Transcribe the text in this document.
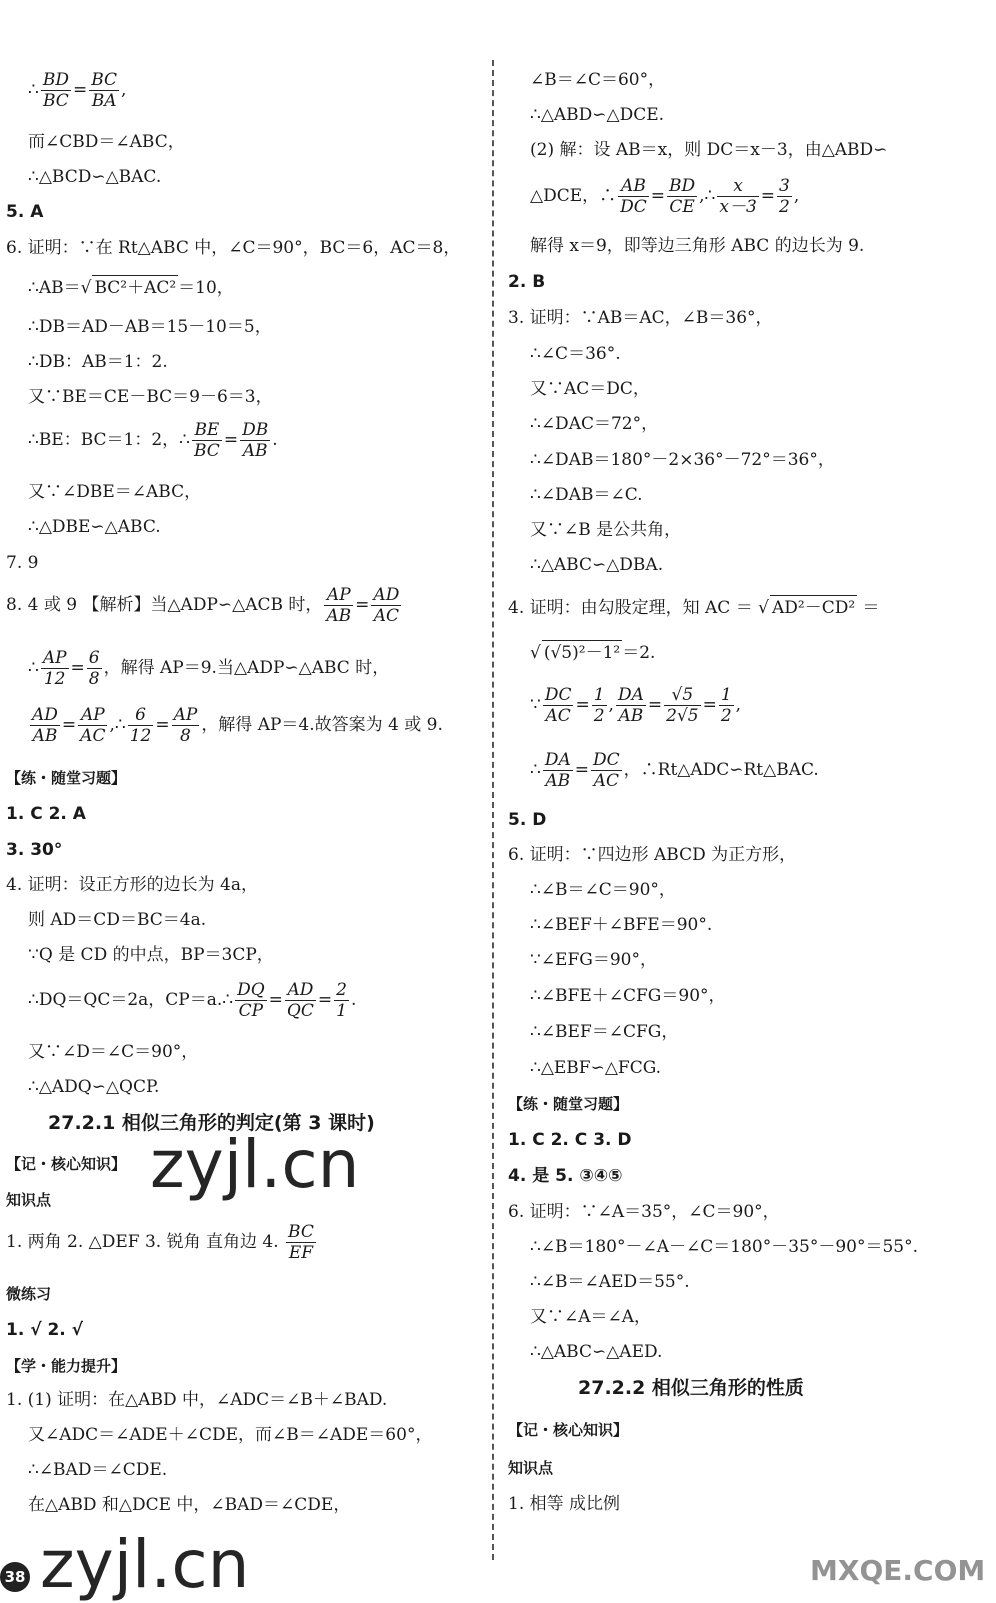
∴ $\frac{BD}{BC} = \frac{BC}{BA}$ ,
而∠CBD＝∠ABC，
∴△BCD∽△BAC.
5. A
6. 证明：∵在 Rt△ABC 中，∠C＝90°，BC＝6，AC＝8，
∴AB＝√ BC²＋AC² ＝10，
∴DB＝AD－AB＝15－10＝5，
∴DB：AB＝1：2.
又∵BE＝CE－BC＝9－6＝3，
∴BE：BC＝1：2，∴ $\frac{BE}{BC} = \frac{DB}{AB}$ .
又∵∠DBE＝∠ABC，
∴△DBE∽△ABC.
7. 9
8. 4 或 9 【解析】当△ADP∽△ACB 时， $\frac{AP}{AB} = \frac{AD}{AC}$
∴ $\frac{AP}{12} = \frac{6}{8}$ ，解得 AP＝9.当△ADP∽△ABC 时，
$\frac{AD}{AB} = \frac{AP}{AC}$ ,∴ $\frac{6}{12} = \frac{AP}{8}$ ，解得 AP＝4.故答案为 4 或 9.
【练・随堂习题】
1. C 2. A
3. 30°
4. 证明：设正方形的边长为 4a，
则 AD＝CD＝BC＝4a.
∵Q 是 CD 的中点，BP＝3CP，
∴DQ＝QC＝2a，CP＝a.∴ $\frac{DQ}{CP} = \frac{AD}{QC} = \frac{2}{1}$ .
又∵∠D＝∠C＝90°，
∴△ADQ∽△QCP.
27.2.1 相似三角形的判定(第 3 课时)
【记・核心知识】
知识点
1. 两角 2. △DEF 3. 锐角 直角边 4. $\frac{BC}{EF}$
微练习
1. √ 2. √
【学・能力提升】
1. (1) 证明：在△ABD 中，∠ADC＝∠B＋∠BAD.
又∠ADC＝∠ADE＋∠CDE，而∠B＝∠ADE＝60°，
∴∠BAD＝∠CDE.
在△ABD 和△DCE 中，∠BAD＝∠CDE，
∠B＝∠C＝60°，
∴△ABD∽△DCE.
(2) 解：设 AB＝x，则 DC＝x－3，由△ABD∽
△DCE，∴ $\frac{AB}{DC} = \frac{BD}{CE}$ ,∴ $\frac{x}{x-3} = \frac{3}{2}$ ,
解得 x＝9，即等边三角形 ABC 的边长为 9.
2. B
3. 证明：∵AB＝AC，∠B＝36°，
∴∠C＝36°.
又∵AC＝DC，
∴∠DAC＝72°，
∴∠DAB＝180°－2×36°－72°＝36°，
∴∠DAB＝∠C.
又∵∠B 是公共角，
∴△ABC∽△DBA.
4. 证明：由勾股定理，知 AC ＝ √ AD²－CD² ＝
√ (√5)²－1² ＝2.
∵ $\frac{DC}{AC} = \frac{1}{2}$ , $\frac{DA}{AB} = \frac{√5}{2√5} = \frac{1}{2}$ ,
∴ $\frac{DA}{AB} = \frac{DC}{AC}$ ，∴Rt△ADC∽Rt△BAC.
5. D
6. 证明：∵四边形 ABCD 为正方形，
∴∠B＝∠C＝90°，
∴∠BEF＋∠BFE＝90°.
∵∠EFG＝90°，
∴∠BFE＋∠CFG＝90°，
∴∠BEF＝∠CFG，
∴△EBF∽△FCG.
【练・随堂习题】
1. C 2. C 3. D
4. 是 5. ③④⑤
6. 证明：∵∠A＝35°，∠C＝90°，
∴∠B＝180°－∠A－∠C＝180°－35°－90°＝55°.
∴∠B＝∠AED＝55°.
又∵∠A＝∠A，
∴△ABC∽△AED.
27.2.2 相似三角形的性质
【记・核心知识】
知识点
1. 相等 成比例
zyjl.cn
zyjl.cn	MXQE.COM
38
